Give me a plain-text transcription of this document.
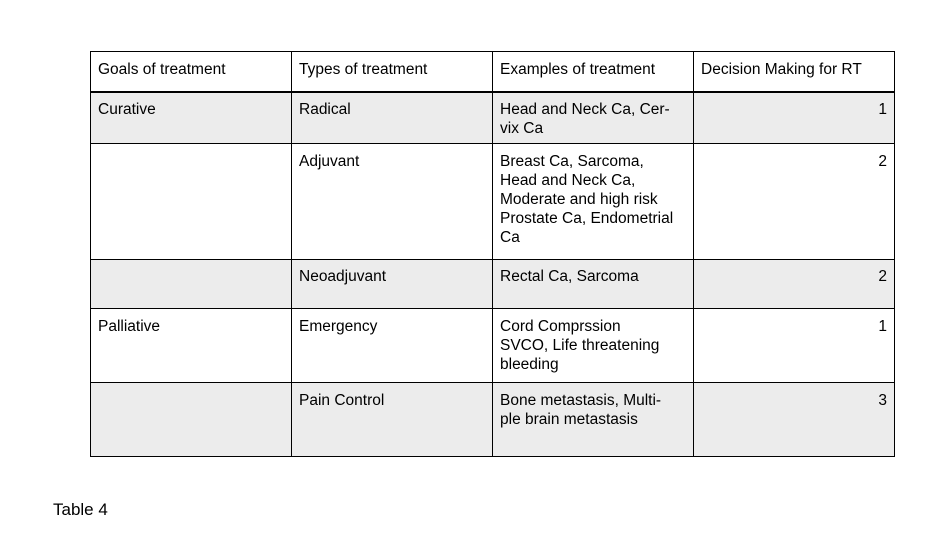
Goals of treatment	Types of treatment	Examples of treatment	Decision Making for RT
Curative	Radical	Head and Neck Ca, Cer-
vix Ca	1
	Adjuvant	Breast Ca, Sarcoma,
Head and Neck Ca,
Moderate and high risk
Prostate Ca, Endometrial
Ca	2
	Neoadjuvant	Rectal Ca, Sarcoma	2
Palliative	Emergency	Cord Comprssion
SVCO, Life threatening
bleeding	1
	Pain Control	Bone metastasis, Multi-
ple brain metastasis	3
Table 4
